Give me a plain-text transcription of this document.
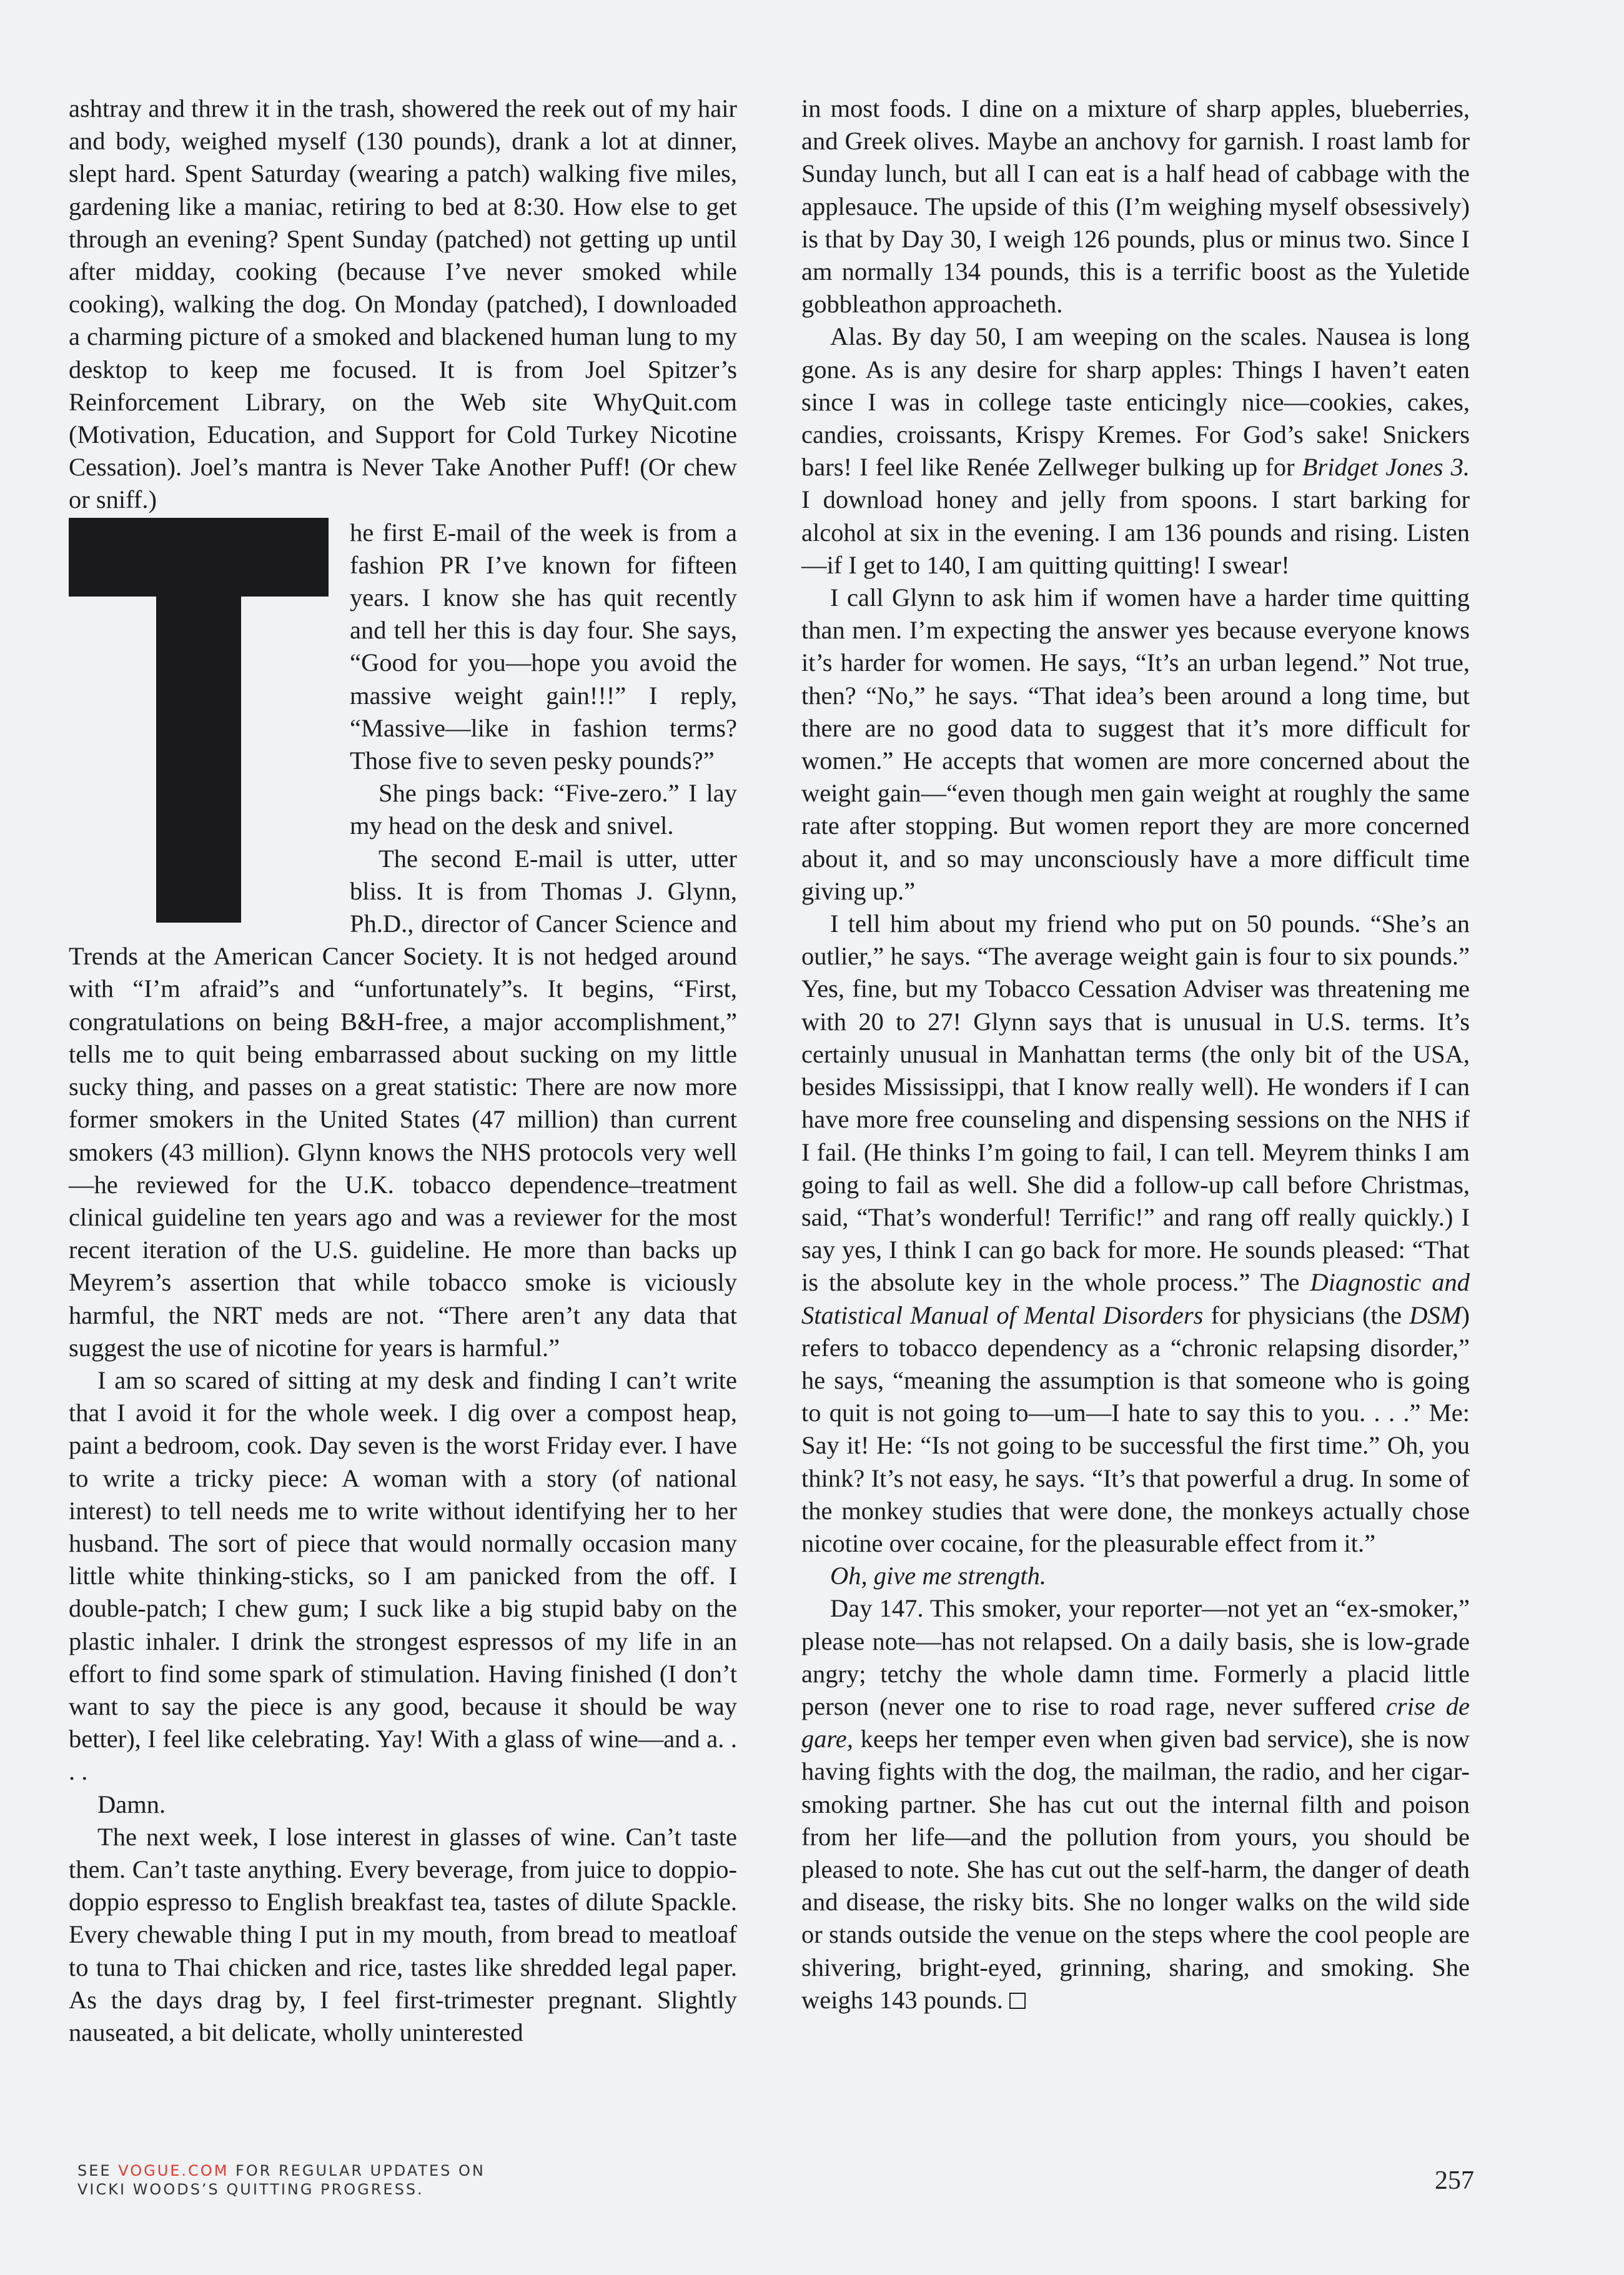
ashtray and threw it in the trash, showered the reek out of my hair and body, weighed myself (130 pounds), drank a lot at dinner, slept hard. Spent Saturday (wearing a patch) walking five miles, gardening like a maniac, retiring to bed at 8:30. How else to get through an evening? Spent Sunday (patched) not getting up until after midday, cooking (because I’ve never smoked while cooking), walking the dog. On Monday (patched), I downloaded a charming picture of a smoked and blackened human lung to my desktop to keep me focused. It is from Joel Spitzer’s Reinforcement Library, on the Web site WhyQuit.com (Motivation, Education, and Support for Cold Turkey Nicotine Cessation). Joel’s mantra is Never Take Another Puff! (Or chew or sniff.)

he first E-mail of the week is from a fashion PR I’ve known for fifteen years. I know she has quit recently and tell her this is day four. She says, “Good for you—hope you avoid the massive weight gain!!!” I reply, “Massive—like in fashion terms? Those five to seven pesky pounds?”

She pings back: “Five-zero.” I lay my head on the desk and snivel.

The second E-mail is utter, utter bliss. It is from Thomas J. Glynn, Ph.D., director of Cancer Science and Trends at the American Cancer Society. It is not hedged around with “I’m afraid”s and “unfortunately”s. It begins, “First, congratulations on being B&H-free, a major accomplishment,” tells me to quit being embarrassed about sucking on my little sucky thing, and passes on a great statistic: There are now more former smokers in the United States (47 million) than current smokers (43 million). Glynn knows the NHS protocols very well—he reviewed for the U.K. tobacco dependence–treatment clinical guideline ten years ago and was a reviewer for the most recent iteration of the U.S. guideline. He more than backs up Meyrem’s assertion that while tobacco smoke is viciously harmful, the NRT meds are not. “There aren’t any data that suggest the use of nicotine for years is harmful.”

I am so scared of sitting at my desk and finding I can’t write that I avoid it for the whole week. I dig over a compost heap, paint a bedroom, cook. Day seven is the worst Friday ever. I have to write a tricky piece: A woman with a story (of national interest) to tell needs me to write without identifying her to her husband. The sort of piece that would normally occasion many little white thinking-sticks, so I am panicked from the off. I double-patch; I chew gum; I suck like a big stupid baby on the plastic inhaler. I drink the strongest espressos of my life in an effort to find some spark of stimulation. Having finished (I don’t want to say the piece is any good, because it should be way better), I feel like celebrating. Yay! With a glass of wine—and a. . . .

Damn.

The next week, I lose interest in glasses of wine. Can’t taste them. Can’t taste anything. Every beverage, from juice to doppio-doppio espresso to English breakfast tea, tastes of dilute Spackle. Every chewable thing I put in my mouth, from bread to meatloaf to tuna to Thai chicken and rice, tastes like shredded legal paper. As the days drag by, I feel first-trimester pregnant. Slightly nauseated, a bit delicate, wholly uninterested

in most foods. I dine on a mixture of sharp apples, blueberries, and Greek olives. Maybe an anchovy for garnish. I roast lamb for Sunday lunch, but all I can eat is a half head of cabbage with the applesauce. The upside of this (I’m weighing myself obsessively) is that by Day 30, I weigh 126 pounds, plus or minus two. Since I am normally 134 pounds, this is a terrific boost as the Yuletide gobbleathon approacheth.

Alas. By day 50, I am weeping on the scales. Nausea is long gone. As is any desire for sharp apples: Things I haven’t eaten since I was in college taste enticingly nice—cookies, cakes, candies, croissants, Krispy Kremes. For God’s sake! Snickers bars! I feel like Renée Zellweger bulking up for Bridget Jones 3. I download honey and jelly from spoons. I start barking for alcohol at six in the evening. I am 136 pounds and rising. Listen—if I get to 140, I am quitting quitting! I swear!

I call Glynn to ask him if women have a harder time quitting than men. I’m expecting the answer yes because everyone knows it’s harder for women. He says, “It’s an urban legend.” Not true, then? “No,” he says. “That idea’s been around a long time, but there are no good data to suggest that it’s more difficult for women.” He accepts that women are more concerned about the weight gain—“even though men gain weight at roughly the same rate after stopping. But women report they are more concerned about it, and so may unconsciously have a more difficult time giving up.”

I tell him about my friend who put on 50 pounds. “She’s an outlier,” he says. “The average weight gain is four to six pounds.” Yes, fine, but my Tobacco Cessation Adviser was threatening me with 20 to 27! Glynn says that is unusual in U.S. terms. It’s certainly unusual in Manhattan terms (the only bit of the USA, besides Mississippi, that I know really well). He wonders if I can have more free counseling and dispensing sessions on the NHS if I fail. (He thinks I’m going to fail, I can tell. Meyrem thinks I am going to fail as well. She did a follow-up call before Christmas, said, “That’s wonderful! Terrific!” and rang off really quickly.) I say yes, I think I can go back for more. He sounds pleased: “That is the absolute key in the whole process.” The Diagnostic and Statistical Manual of Mental Disorders for physicians (the DSM) refers to tobacco dependency as a “chronic relapsing disorder,” he says, “meaning the assumption is that someone who is going to quit is not going to—um—I hate to say this to you. . . .” Me: Say it! He: “Is not going to be successful the first time.” Oh, you think? It’s not easy, he says. “It’s that powerful a drug. In some of the monkey studies that were done, the monkeys actually chose nicotine over cocaine, for the pleasurable effect from it.”

Oh, give me strength.

Day 147. This smoker, your reporter—not yet an “ex-smoker,” please note—has not relapsed. On a daily basis, she is low-grade angry; tetchy the whole damn time. Formerly a placid little person (never one to rise to road rage, never suffered crise de gare, keeps her temper even when given bad service), she is now having fights with the dog, the mailman, the radio, and her cigar-smoking partner. She has cut out the internal filth and poison from her life—and the pollution from yours, you should be pleased to note. She has cut out the self-harm, the danger of death and disease, the risky bits. She no longer walks on the wild side or stands outside the venue on the steps where the cool people are shivering, bright-eyed, grinning, sharing, and smoking. She weighs 143 pounds.

SEE VOGUE.COM FOR REGULAR UPDATES ON
VICKI WOODS’S QUITTING PROGRESS.	257
